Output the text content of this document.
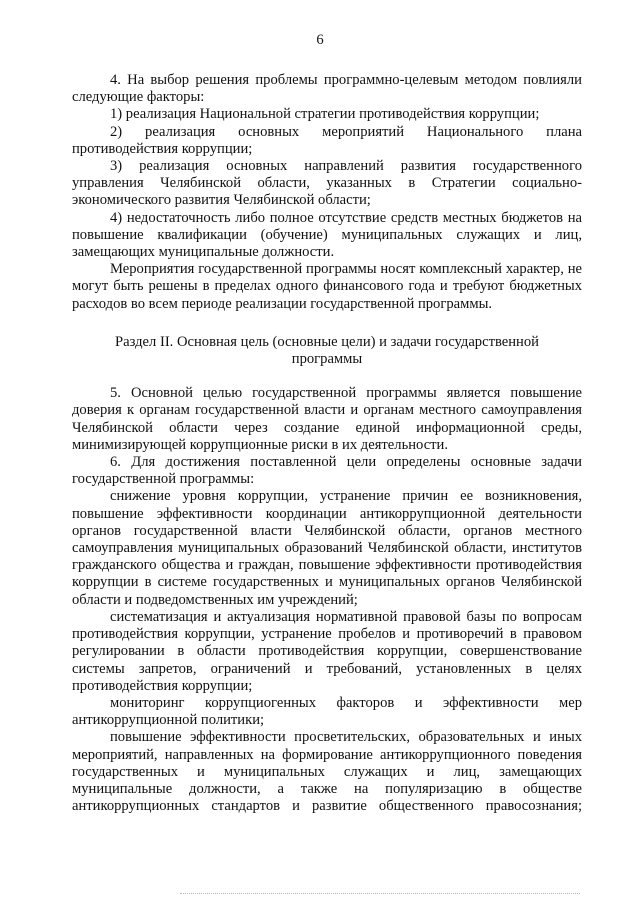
6

4. На выбор решения проблемы программно-целевым методом повлияли следующие факторы:

1) реализация Национальной стратегии противодействия коррупции;

2) реализация основных мероприятий Национального плана противодействия коррупции;

3) реализация основных направлений развития государственного управления Челябинской области, указанных в Стратегии социально-экономического развития Челябинской области;

4) недостаточность либо полное отсутствие средств местных бюджетов на повышение квалификации (обучение) муниципальных служащих и лиц, замещающих муниципальные должности.

Мероприятия государственной программы носят комплексный характер, не могут быть решены в пределах одного финансового года и требуют бюджетных расходов во всем периоде реализации государственной программы.

Раздел II. Основная цель (основные цели) и задачи государственной
программы

5. Основной целью государственной программы является повышение доверия к органам государственной власти и органам местного самоуправления Челябинской области через создание единой информационной среды, минимизирующей коррупционные риски в их деятельности.

6. Для достижения поставленной цели определены основные задачи государственной программы:

снижение уровня коррупции, устранение причин ее возникновения, повышение эффективности координации антикоррупционной деятельности органов государственной власти Челябинской области, органов местного самоуправления муниципальных образований Челябинской области, институтов гражданского общества и граждан, повышение эффективности противодействия коррупции в системе государственных и муниципальных органов Челябинской области и подведомственных им учреждений;

систематизация и актуализация нормативной правовой базы по вопросам противодействия коррупции, устранение пробелов и противоречий в правовом регулировании в области противодействия коррупции, совершенствование системы запретов, ограничений и требований, установленных в целях противодействия коррупции;

мониторинг коррупциогенных факторов и эффективности мер антикоррупционной политики;

повышение эффективности просветительских, образовательных и иных мероприятий, направленных на формирование антикоррупционного поведения государственных и муниципальных служащих и лиц, замещающих муниципальные должности, а также на популяризацию в обществе антикоррупционных стандартов и развитие общественного правосознания;
